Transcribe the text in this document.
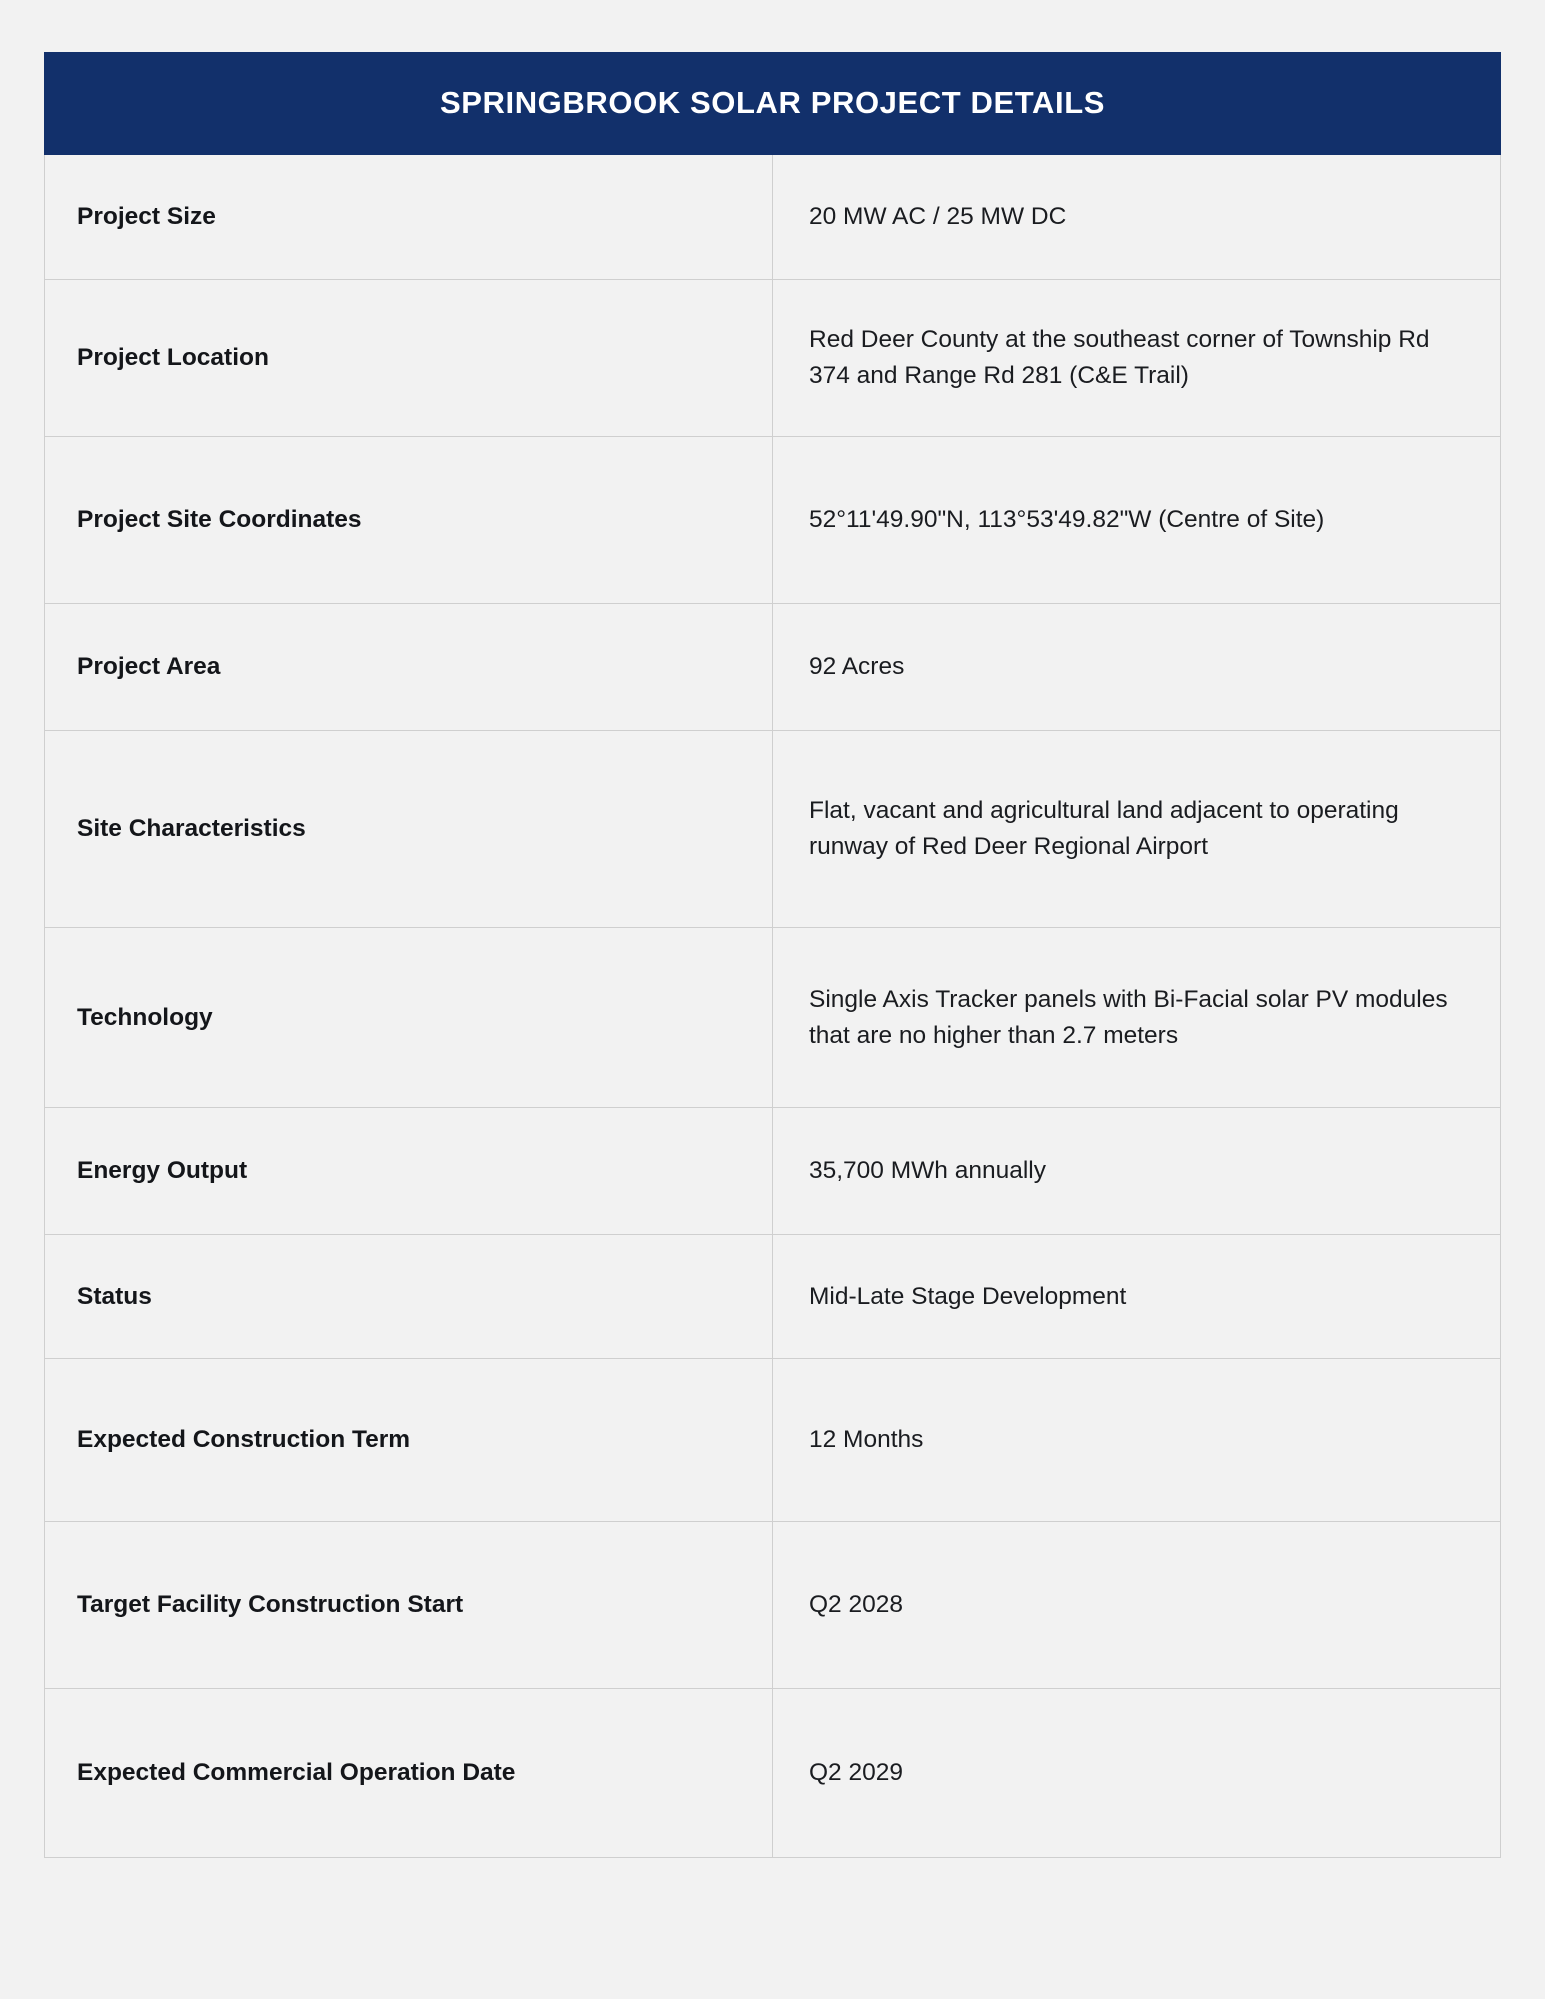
SPRINGBROOK SOLAR PROJECT DETAILS	
Project Size	20 MW AC / 25 MW DC
Project Location	Red Deer County at the southeast corner of Township Rd 374 and Range Rd 281 (C&E Trail)
Project Site Coordinates	52°11'49.90"N, 113°53'49.82"W (Centre of Site)
Project Area	92 Acres
Site Characteristics	Flat, vacant and agricultural land adjacent to operating runway of Red Deer Regional Airport
Technology	Single Axis Tracker panels with Bi-Facial solar PV modules that are no higher than 2.7 meters
Energy Output	35,700 MWh annually
Status	Mid-Late Stage Development
Expected Construction Term	12 Months
Target Facility Construction Start	Q2 2028
Expected Commercial Operation Date	Q2 2029
